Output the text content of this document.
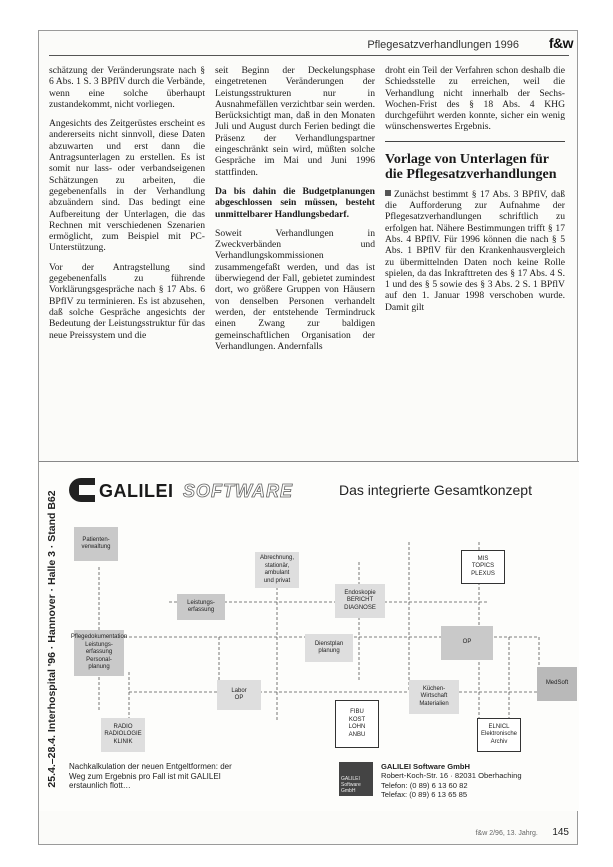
Pflegesatzverhandlungen 1996 f&w

schätzung der Veränderungsrate nach § 6 Abs. 1 S. 3 BPflV durch die Verbände, wenn eine solche überhaupt zustandekommt, nicht vorliegen.

Angesichts des Zeitgerüstes erscheint es andererseits nicht sinnvoll, diese Daten abzuwarten und erst dann die Antragsunterlagen zu erstellen. Es ist somit nur lass- oder verbandseigenen Schätzungen zu arbeiten, die gegebenenfalls in der Verhandlung abzuändern sind. Das bedingt eine Aufbereitung der Unterlagen, die das Rechnen mit verschiedenen Szenarien ermöglicht, zum Beispiel mit PC-Unterstützung.

Vor der Antragstellung sind gegebenenfalls zu führende Vorklärungsgespräche nach § 17 Abs. 6 BPflV zu terminieren. Es ist abzusehen, daß solche Gespräche angesichts der Bedeutung der Leistungsstruktur für das neue Preissystem und die

seit Beginn der Deckelungsphase eingetretenen Veränderungen der Leistungsstrukturen nur in Ausnahmefällen verzichtbar sein werden. Berücksichtigt man, daß in den Monaten Juli und August durch Ferien bedingt die Präsenz der Verhandlungspartner eingeschränkt sein wird, müßten solche Gespräche im Mai und Juni 1996 stattfinden.

Da bis dahin die Budgetplanungen abgeschlossen sein müssen, besteht unmittelbarer Handlungsbedarf.

Soweit Verhandlungen in Zweckverbänden und Verhandlungskommissionen zusammengefaßt werden, und das ist überwiegend der Fall, gebietet zumindest dort, wo größere Gruppen von Häusern von denselben Personen verhandelt werden, der entstehende Termindruck einen Zwang zur baldigen gemeinschaftlichen Organisation der Verhandlungen. Andernfalls

droht ein Teil der Verfahren schon deshalb die Schiedsstelle zu erreichen, weil die Verhandlung nicht innerhalb der Sechs-Wochen-Frist des § 18 Abs. 4 KHG durchgeführt werden konnte, sicher ein wenig wünschenswertes Ergebnis.

Vorlage von Unterlagen für die Pflegesatzverhandlungen

Zunächst bestimmt § 17 Abs. 3 BPflV, daß die Aufforderung zur Aufnahme der Pflegesatzverhandlungen schriftlich zu erfolgen hat. Nähere Bestimmungen trifft § 17 Abs. 4 BPflV. Für 1996 können die nach § 5 Abs. 1 BPflV für den Krankenhausvergleich zu übermittelnden Daten noch keine Rolle spielen, da das Inkrafttreten des § 17 Abs. 4 S. 1 und des § 5 sowie des § 3 Abs. 2 S. 1 BPflV auf den 1. Januar 1998 verschoben wurde. Damit gilt

25.4.–28.4. Interhospital '96 · Hannover · Halle 3 · Stand B62 GALILEI SOFTWARE	Das integrierte Gesamtkonzept
Patienten-
verwaltung
Abrechnung,
stationär,
ambulant
und privat
MIS
TOPICS
PLEXUS
Leistungs-
erfassung
Endoskopie
BERICHT
DIAGNOSE
Pflegedokumentation
Leistungs-
erfassung
Personal-
planung
Dienstplan
planung
OP
Labor
OP
Küchen-
Wirtschaft
Materialien
MedSoft
RADIO
RADIOLOGIE
KLINIK
FIBU
KOST
LOHN
ANBU
ELNICL
Elektronische
Archiv
Nachkalkulation der neuen Entgeltformen: der Weg zum Ergebnis pro Fall ist mit GALILEI erstaunlich flott…
GALILEI
Software
GmbH
GALILEI Software GmbH
Robert-Koch-Str. 16 · 82031 Oberhaching
Telefon: (0 89) 6 13 60 82
Telefax: (0 89) 6 13 65 85
f&w 2/96, 13. Jahrg. 145
